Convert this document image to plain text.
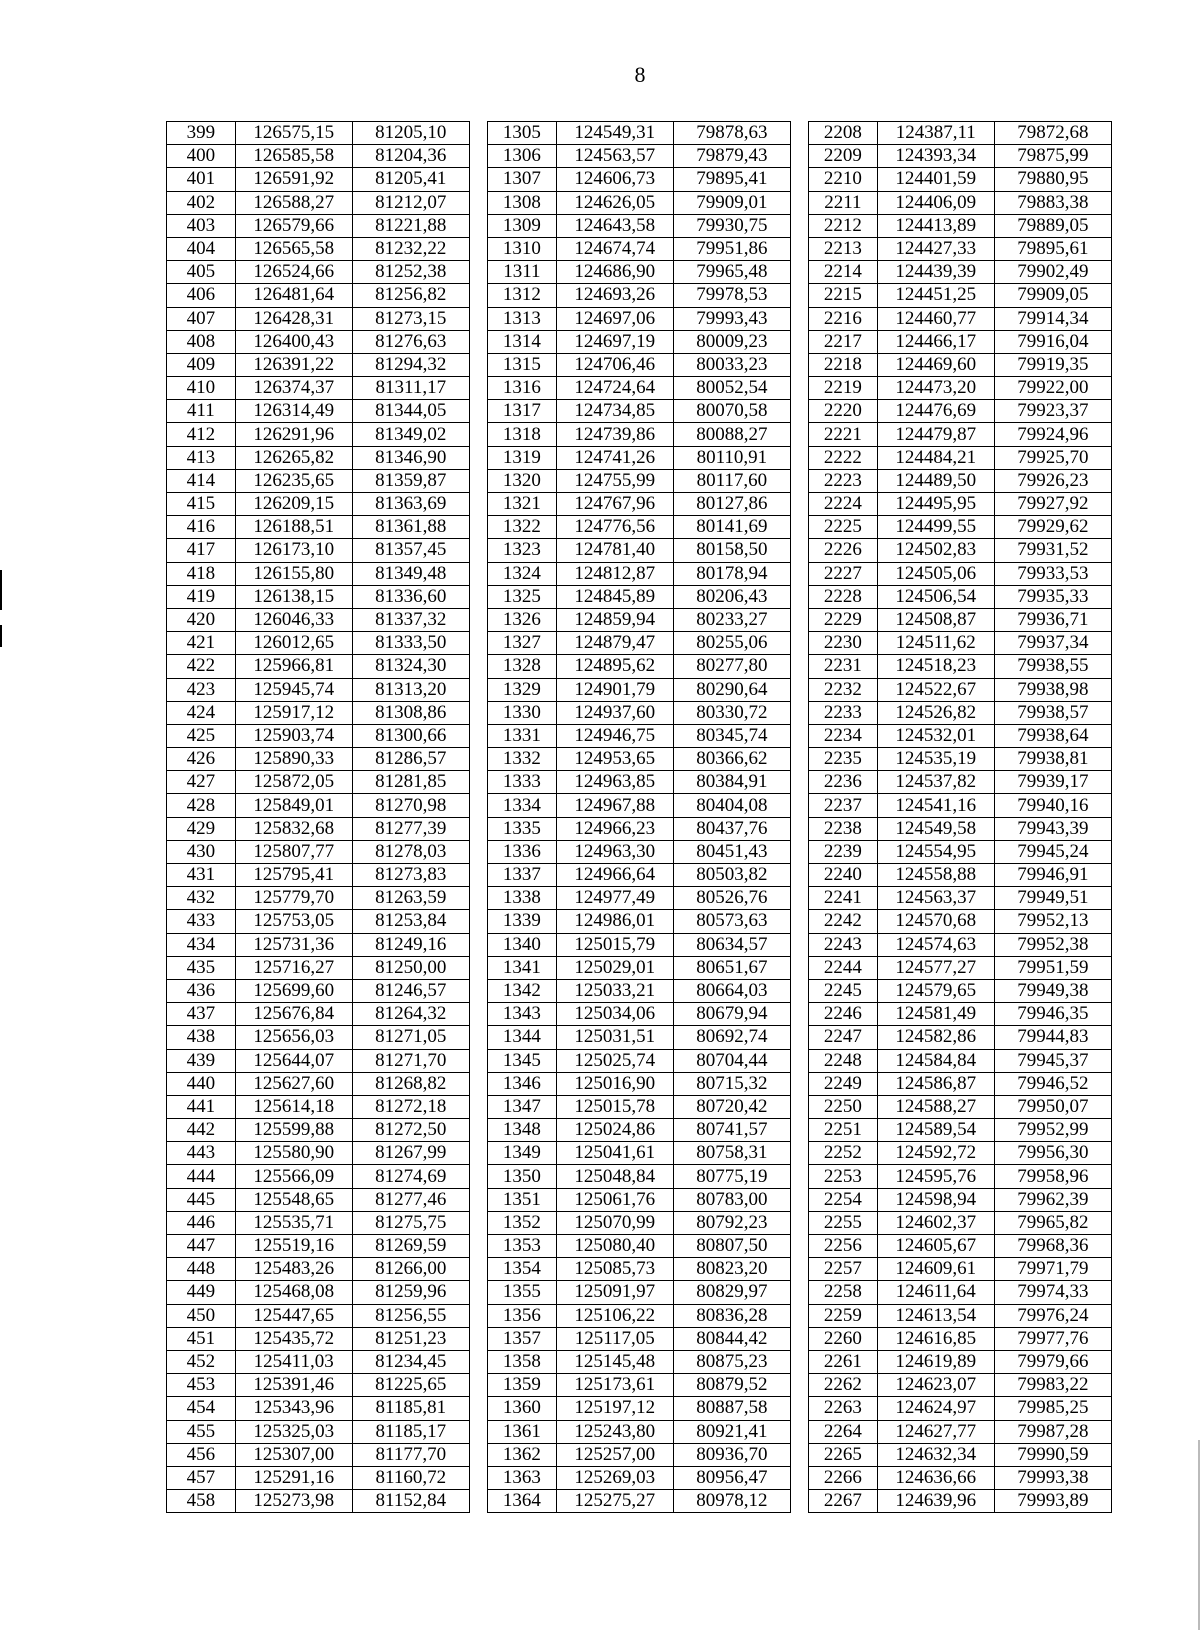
8
399	126575,15	81205,10		1305	124549,31	79878,63		2208	124387,11	79872,68
400	126585,58	81204,36		1306	124563,57	79879,43		2209	124393,34	79875,99
401	126591,92	81205,41		1307	124606,73	79895,41		2210	124401,59	79880,95
402	126588,27	81212,07		1308	124626,05	79909,01		2211	124406,09	79883,38
403	126579,66	81221,88		1309	124643,58	79930,75		2212	124413,89	79889,05
404	126565,58	81232,22		1310	124674,74	79951,86		2213	124427,33	79895,61
405	126524,66	81252,38		1311	124686,90	79965,48		2214	124439,39	79902,49
406	126481,64	81256,82		1312	124693,26	79978,53		2215	124451,25	79909,05
407	126428,31	81273,15		1313	124697,06	79993,43		2216	124460,77	79914,34
408	126400,43	81276,63		1314	124697,19	80009,23		2217	124466,17	79916,04
409	126391,22	81294,32		1315	124706,46	80033,23		2218	124469,60	79919,35
410	126374,37	81311,17		1316	124724,64	80052,54		2219	124473,20	79922,00
411	126314,49	81344,05		1317	124734,85	80070,58		2220	124476,69	79923,37
412	126291,96	81349,02		1318	124739,86	80088,27		2221	124479,87	79924,96
413	126265,82	81346,90		1319	124741,26	80110,91		2222	124484,21	79925,70
414	126235,65	81359,87		1320	124755,99	80117,60		2223	124489,50	79926,23
415	126209,15	81363,69		1321	124767,96	80127,86		2224	124495,95	79927,92
416	126188,51	81361,88		1322	124776,56	80141,69		2225	124499,55	79929,62
417	126173,10	81357,45		1323	124781,40	80158,50		2226	124502,83	79931,52
418	126155,80	81349,48		1324	124812,87	80178,94		2227	124505,06	79933,53
419	126138,15	81336,60		1325	124845,89	80206,43		2228	124506,54	79935,33
420	126046,33	81337,32		1326	124859,94	80233,27		2229	124508,87	79936,71
421	126012,65	81333,50		1327	124879,47	80255,06		2230	124511,62	79937,34
422	125966,81	81324,30		1328	124895,62	80277,80		2231	124518,23	79938,55
423	125945,74	81313,20		1329	124901,79	80290,64		2232	124522,67	79938,98
424	125917,12	81308,86		1330	124937,60	80330,72		2233	124526,82	79938,57
425	125903,74	81300,66		1331	124946,75	80345,74		2234	124532,01	79938,64
426	125890,33	81286,57		1332	124953,65	80366,62		2235	124535,19	79938,81
427	125872,05	81281,85		1333	124963,85	80384,91		2236	124537,82	79939,17
428	125849,01	81270,98		1334	124967,88	80404,08		2237	124541,16	79940,16
429	125832,68	81277,39		1335	124966,23	80437,76		2238	124549,58	79943,39
430	125807,77	81278,03		1336	124963,30	80451,43		2239	124554,95	79945,24
431	125795,41	81273,83		1337	124966,64	80503,82		2240	124558,88	79946,91
432	125779,70	81263,59		1338	124977,49	80526,76		2241	124563,37	79949,51
433	125753,05	81253,84		1339	124986,01	80573,63		2242	124570,68	79952,13
434	125731,36	81249,16		1340	125015,79	80634,57		2243	124574,63	79952,38
435	125716,27	81250,00		1341	125029,01	80651,67		2244	124577,27	79951,59
436	125699,60	81246,57		1342	125033,21	80664,03		2245	124579,65	79949,38
437	125676,84	81264,32		1343	125034,06	80679,94		2246	124581,49	79946,35
438	125656,03	81271,05		1344	125031,51	80692,74		2247	124582,86	79944,83
439	125644,07	81271,70		1345	125025,74	80704,44		2248	124584,84	79945,37
440	125627,60	81268,82		1346	125016,90	80715,32		2249	124586,87	79946,52
441	125614,18	81272,18		1347	125015,78	80720,42		2250	124588,27	79950,07
442	125599,88	81272,50		1348	125024,86	80741,57		2251	124589,54	79952,99
443	125580,90	81267,99		1349	125041,61	80758,31		2252	124592,72	79956,30
444	125566,09	81274,69		1350	125048,84	80775,19		2253	124595,76	79958,96
445	125548,65	81277,46		1351	125061,76	80783,00		2254	124598,94	79962,39
446	125535,71	81275,75		1352	125070,99	80792,23		2255	124602,37	79965,82
447	125519,16	81269,59		1353	125080,40	80807,50		2256	124605,67	79968,36
448	125483,26	81266,00		1354	125085,73	80823,20		2257	124609,61	79971,79
449	125468,08	81259,96		1355	125091,97	80829,97		2258	124611,64	79974,33
450	125447,65	81256,55		1356	125106,22	80836,28		2259	124613,54	79976,24
451	125435,72	81251,23		1357	125117,05	80844,42		2260	124616,85	79977,76
452	125411,03	81234,45		1358	125145,48	80875,23		2261	124619,89	79979,66
453	125391,46	81225,65		1359	125173,61	80879,52		2262	124623,07	79983,22
454	125343,96	81185,81		1360	125197,12	80887,58		2263	124624,97	79985,25
455	125325,03	81185,17		1361	125243,80	80921,41		2264	124627,77	79987,28
456	125307,00	81177,70		1362	125257,00	80936,70		2265	124632,34	79990,59
457	125291,16	81160,72		1363	125269,03	80956,47		2266	124636,66	79993,38
458	125273,98	81152,84		1364	125275,27	80978,12		2267	124639,96	79993,89
